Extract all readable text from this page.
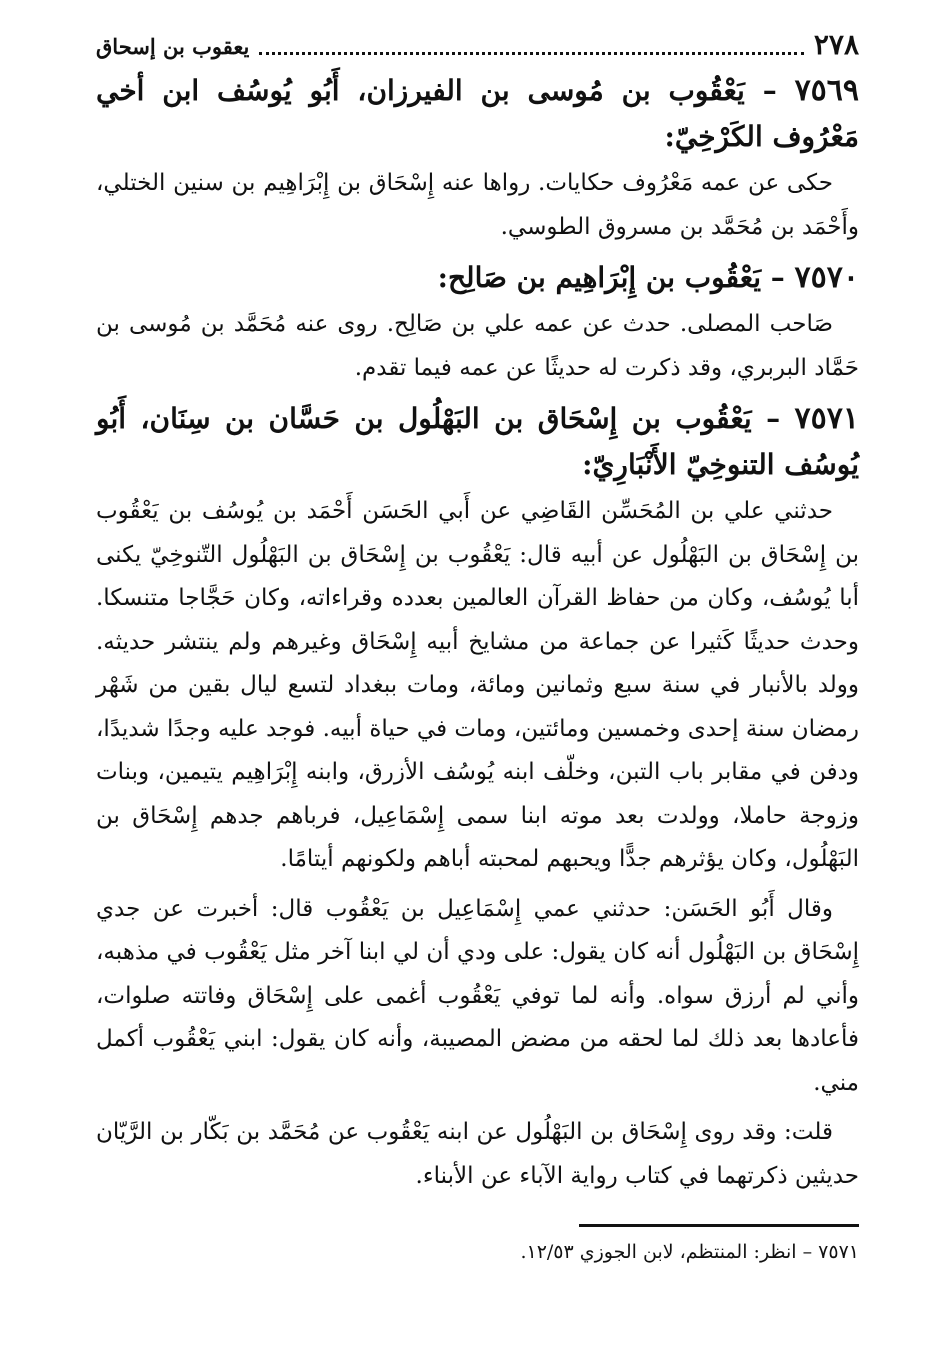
٢٧٨
يعقوب بن إسحاق
٧٥٦٩ – يَعْقُوب بن مُوسى بن الفيرزان، أَبُو يُوسُف ابن أخي مَعْرُوف الكَرْخِيّ:

حكى عن عمه مَعْرُوف حكايات. رواها عنه إِسْحَاق بن إِبْرَاهِيم بن سنين الختلي، وأَحْمَد بن مُحَمَّد بن مسروق الطوسي.

٧٥٧٠ – يَعْقُوب بن إِبْرَاهِيم بن صَالِح:

صَاحب المصلى. حدث عن عمه علي بن صَالِح. روى عنه مُحَمَّد بن مُوسى بن حَمَّاد البربري، وقد ذكرت له حديثًا عن عمه فيما تقدم.

٧٥٧١ – يَعْقُوب بن إِسْحَاق بن البَهْلُول بن حَسَّان بن سِنَان، أَبُو يُوسُف التنوخِيّ الأَنْبَارِيّ:

حدثني علي بن المُحَسِّن القَاضِي عن أَبي الحَسَن أَحْمَد بن يُوسُف بن يَعْقُوب بن إِسْحَاق بن البَهْلُول عن أبيه قال: يَعْقُوب بن إِسْحَاق بن البَهْلُول التّنوخِيّ يكنى أبا يُوسُف، وكان من حفاظ القرآن العالمين بعدده وقراءاته، وكان حَجَّاجا متنسكا. وحدث حديثًا كَثيرا عن جماعة من مشايخ أبيه إِسْحَاق وغيرهم ولم ينتشر حديثه. وولد بالأنبار في سنة سبع وثمانين ومائة، ومات ببغداد لتسع ليال بقين من شَهْر رمضان سنة إحدى وخمسين ومائتين، ومات في حياة أبيه. فوجد عليه وجدًا شديدًا، ودفن في مقابر باب التبن، وخلّف ابنه يُوسُف الأزرق، وابنه إِبْرَاهِيم يتيمين، وبنات وزوجة حاملا، وولدت بعد موته ابنا سمى إِسْمَاعِيل، فرباهم جدهم إِسْحَاق بن البَهْلُول، وكان يؤثرهم جدًّا ويحبهم لمحبته أباهم ولكونهم أيتامًا.

وقال أَبُو الحَسَن: حدثني عمي إِسْمَاعِيل بن يَعْقُوب قال: أخبرت عن جدي إِسْحَاق بن البَهْلُول أنه كان يقول: على ودي أن لي ابنا آخر مثل يَعْقُوب في مذهبه، وأني لم أرزق سواه. وأنه لما توفي يَعْقُوب أغمى على إِسْحَاق وفاتته صلوات، فأعادها بعد ذلك لما لحقه من مضض المصيبة، وأنه كان يقول: ابني يَعْقُوب أكمل مني.

قلت: وقد روى إِسْحَاق بن البَهْلُول عن ابنه يَعْقُوب عن مُحَمَّد بن بَكّار بن الرَّيّان حديثين ذكرتهما في كتاب رواية الآباء عن الأبناء.

٧٥٧١ – انظر: المنتظم، لابن الجوزي ١٢/٥٣.
